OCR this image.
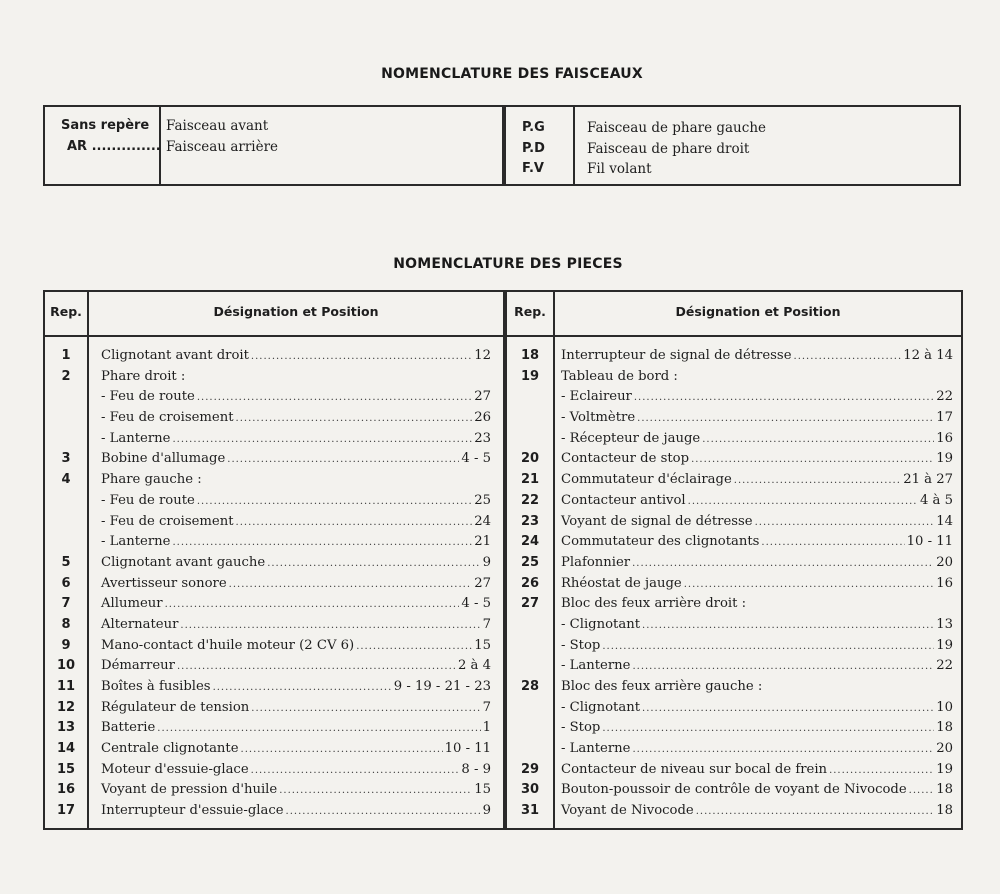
NOMENCLATURE DES FAISCEAUX
Sans repère Faisceau avant
AR .............. Faisceau arrière
P.G	Faisceau de phare gauche
P.D	Faisceau de phare droit
F.V	Fil volant
NOMENCLATURE DES PIECES
Rep.	Désignation et Position	Rep.	Désignation et Position
1	Clignotant avant droit .....	12
2	Phare droit :
- Feu de route .....	27
- Feu de croisement .....	26
- Lanterne .....	23
3	Bobine d'allumage .....	4 - 5
4	Phare gauche :
- Feu de route .....	25
- Feu de croisement .....	24
- Lanterne .....	21
5	Clignotant avant gauche .....	9
6	Avertisseur sonore .....	27
7	Allumeur .....	4 - 5
8	Alternateur .....	7
9	Mano-contact d'huile moteur (2 CV 6) .....	15
10	Démarreur .....	2 à 4
11	Boîtes à fusibles .....	9 - 19 - 21 - 23
12	Régulateur de tension .....	7
13	Batterie .....	1
14	Centrale clignotante .....	10 - 11
15	Moteur d'essuie-glace .....	8 - 9
16	Voyant de pression d'huile .....	15
17	Interrupteur d'essuie-glace .....	9
18	Interrupteur de signal de détresse .....	12 à 14
19	Tableau de bord :
- Eclaireur .....	22
- Voltmètre .....	17
- Récepteur de jauge .....	16
20	Contacteur de stop .....	19
21	Commutateur d'éclairage .....	21 à 27
22	Contacteur antivol .....	4 à 5
23	Voyant de signal de détresse .....	14
24	Commutateur des clignotants .....	10 - 11
25	Plafonnier .....	20
26	Rhéostat de jauge .....	16
27	Bloc des feux arrière droit :
- Clignotant .....	13
- Stop .....	19
- Lanterne .....	22
28	Bloc des feux arrière gauche :
- Clignotant .....	10
- Stop .....	18
- Lanterne .....	20
29	Contacteur de niveau sur bocal de frein .....	19
30	Bouton-poussoir de contrôle de voyant de Nivocode ..... 18
31	Voyant de Nivocode .....	18
